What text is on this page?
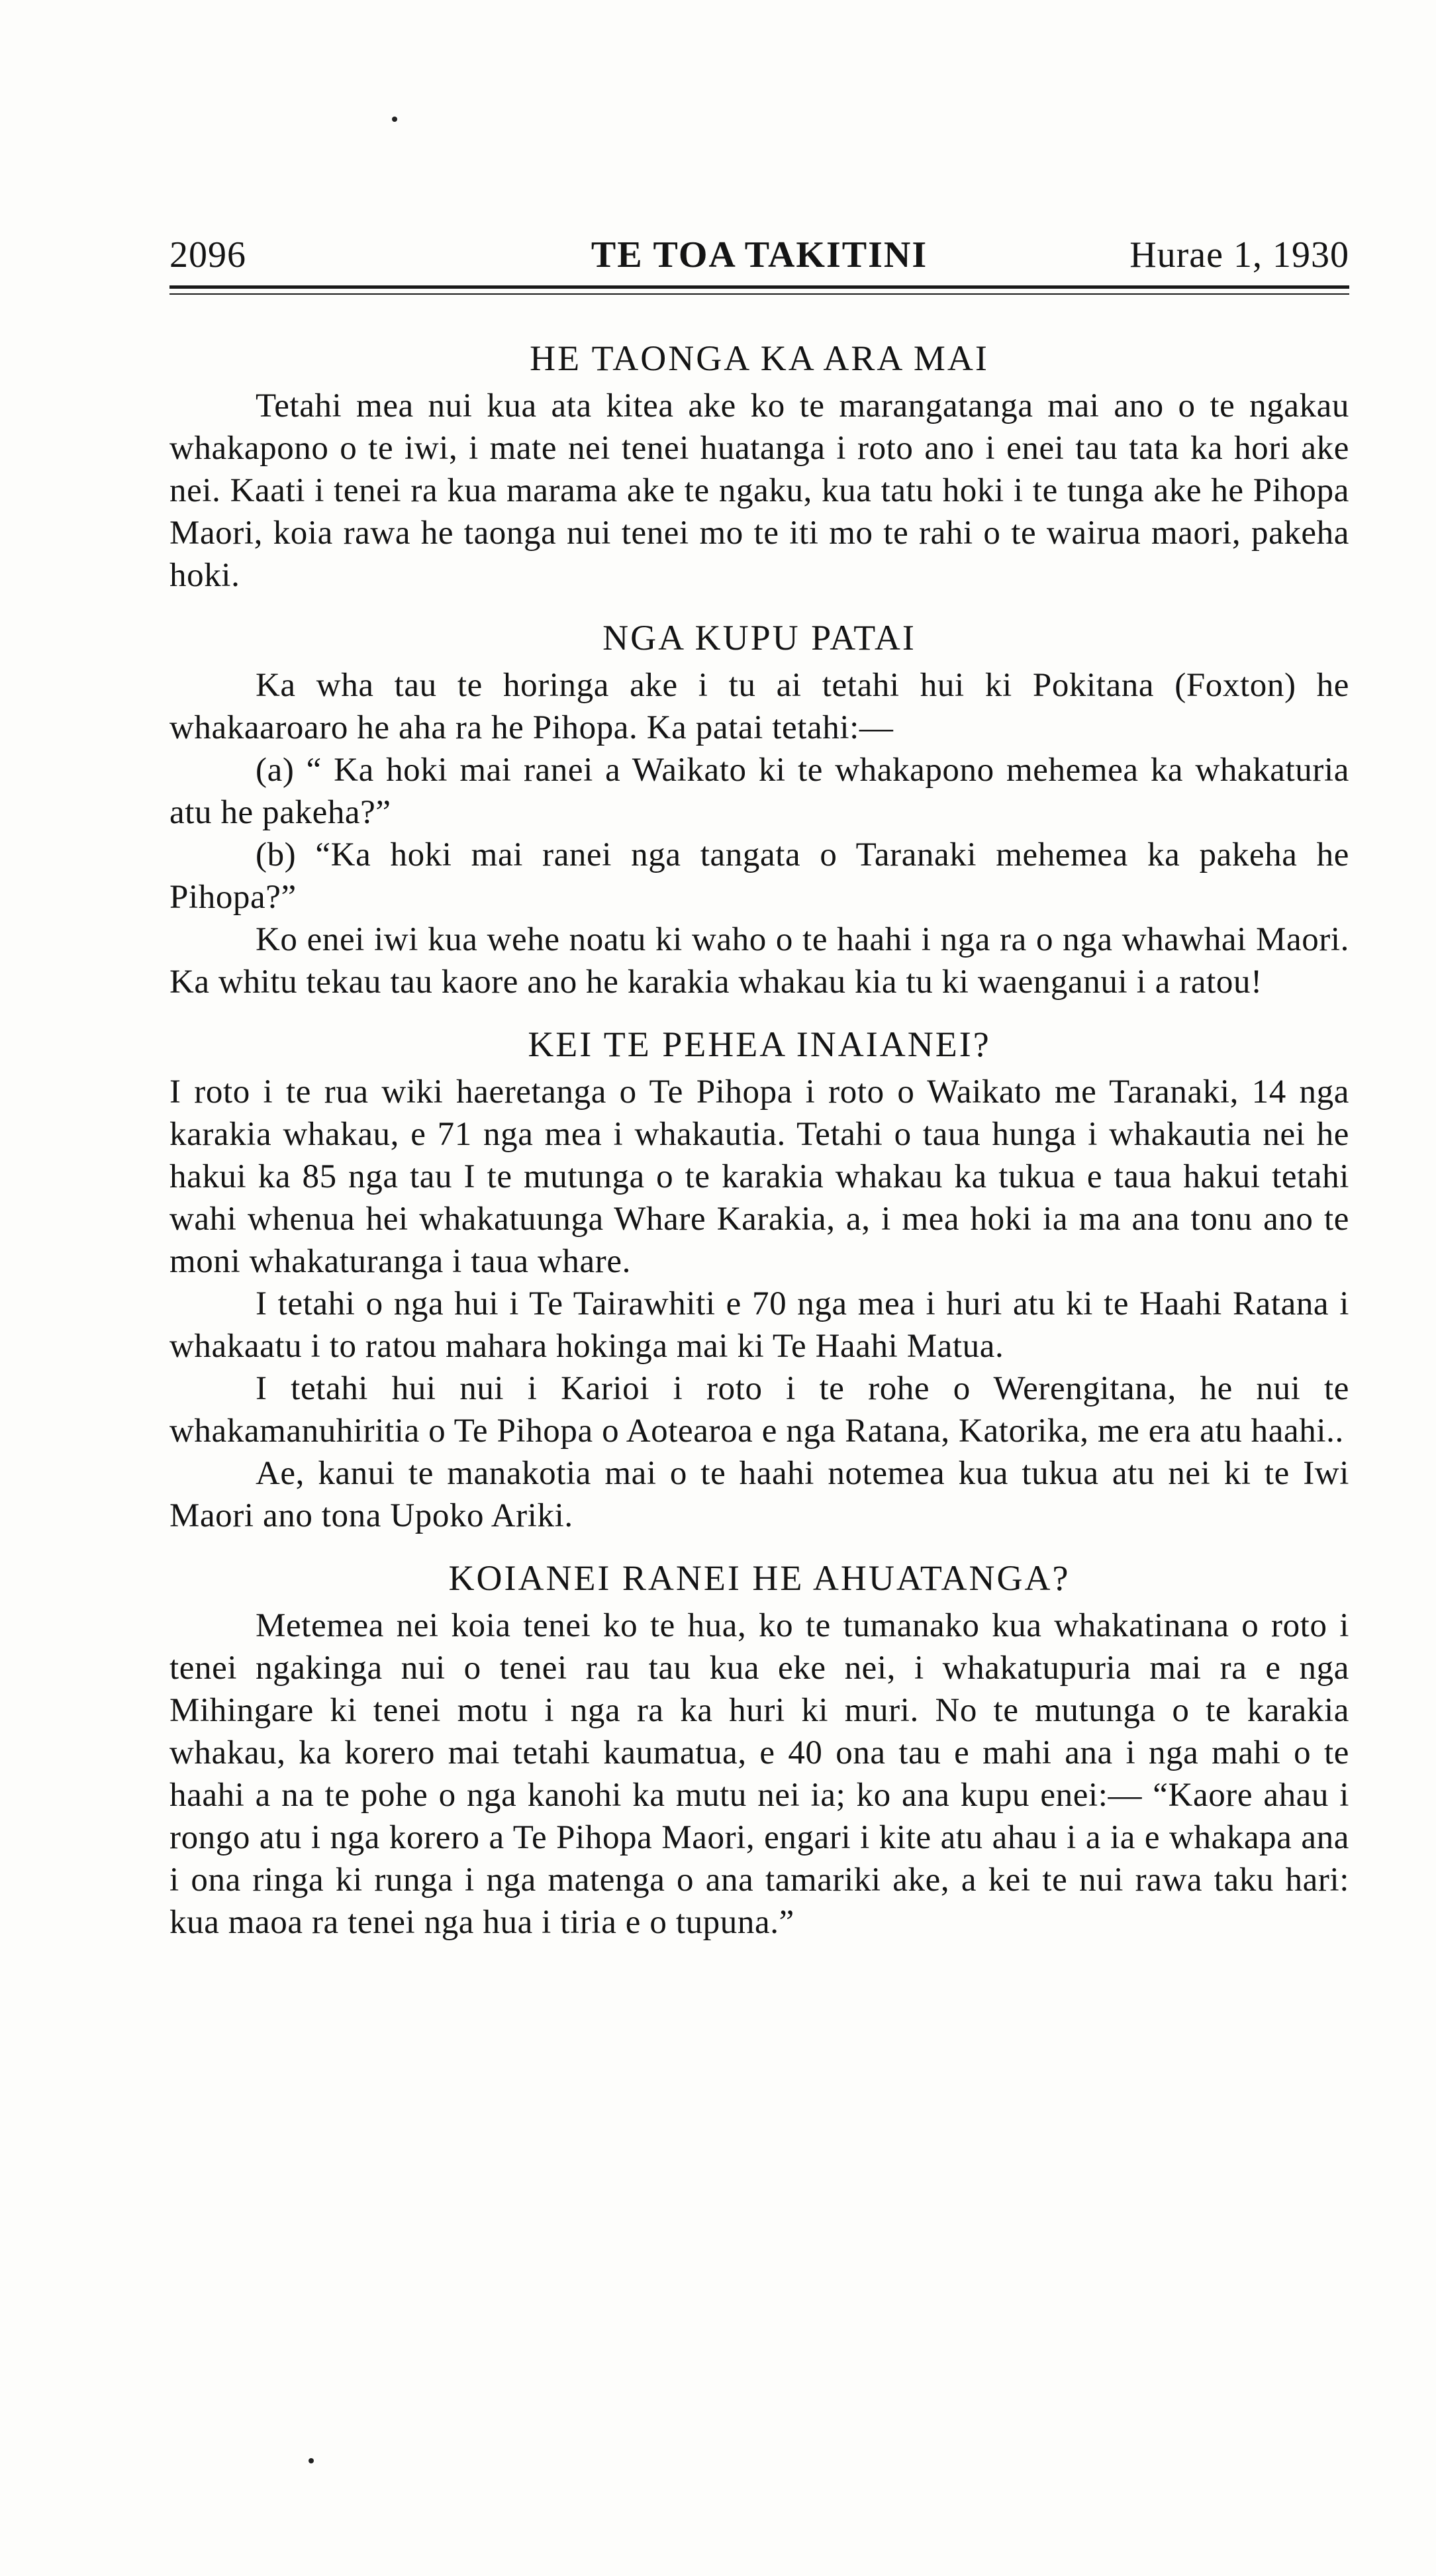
2096	TE TOA TAKITINI	Hurae 1, 1930
HE TAONGA KA ARA MAI

Tetahi mea nui kua ata kitea ake ko te marangatanga mai ano o te ngakau whakapono o te iwi, i mate nei tenei huatanga i roto ano i enei tau tata ka hori ake nei. Kaati i tenei ra kua marama ake te ngaku, kua tatu hoki i te tunga ake he Pihopa Maori, koia rawa he taonga nui tenei mo te iti mo te rahi o te wairua maori, pakeha hoki.

NGA KUPU PATAI

Ka wha tau te horinga ake i tu ai tetahi hui ki Pokitana (Foxton) he whakaaroaro he aha ra he Pihopa. Ka patai tetahi:—

(a) “ Ka hoki mai ranei a Waikato ki te whakapono mehemea ka whakaturia atu he pakeha?”

(b) “Ka hoki mai ranei nga tangata o Taranaki mehemea ka pakeha he Pihopa?”

Ko enei iwi kua wehe noatu ki waho o te haahi i nga ra o nga whawhai Maori. Ka whitu tekau tau kaore ano he karakia whakau kia tu ki waenganui i a ratou!

KEI TE PEHEA INAIANEI?

I roto i te rua wiki haeretanga o Te Pihopa i roto o Waikato me Taranaki, 14 nga karakia whakau, e 71 nga mea i whakautia. Tetahi o taua hunga i whakautia nei he hakui ka 85 nga tau I te mutunga o te karakia whakau ka tukua e taua hakui tetahi wahi whenua hei whakatuunga Whare Karakia, a, i mea hoki ia ma ana tonu ano te moni whakaturanga i taua whare.

I tetahi o nga hui i Te Tairawhiti e 70 nga mea i huri atu ki te Haahi Ratana i whakaatu i to ratou mahara hokinga mai ki Te Haahi Matua.

I tetahi hui nui i Karioi i roto i te rohe o Werengitana, he nui te whakamanuhiritia o Te Pihopa o Aotearoa e nga Ratana, Katorika, me era atu haahi..

Ae, kanui te manakotia mai o te haahi notemea kua tukua atu nei ki te Iwi Maori ano tona Upoko Ariki.

KOIANEI RANEI HE AHUATANGA?

Metemea nei koia tenei ko te hua, ko te tumanako kua whakatinana o roto i tenei ngakinga nui o tenei rau tau kua eke nei, i whakatupuria mai ra e nga Mihingare ki tenei motu i nga ra ka huri ki muri. No te mutunga o te karakia whakau, ka korero mai tetahi kaumatua, e 40 ona tau e mahi ana i nga mahi o te haahi a na te pohe o nga kanohi ka mutu nei ia; ko ana kupu enei:— “Kaore ahau i rongo atu i nga korero a Te Pihopa Maori, engari i kite atu ahau i a ia e whakapa ana i ona ringa ki runga i nga matenga o ana tamariki ake, a kei te nui rawa taku hari: kua maoa ra tenei nga hua i tiria e o tupuna.”
